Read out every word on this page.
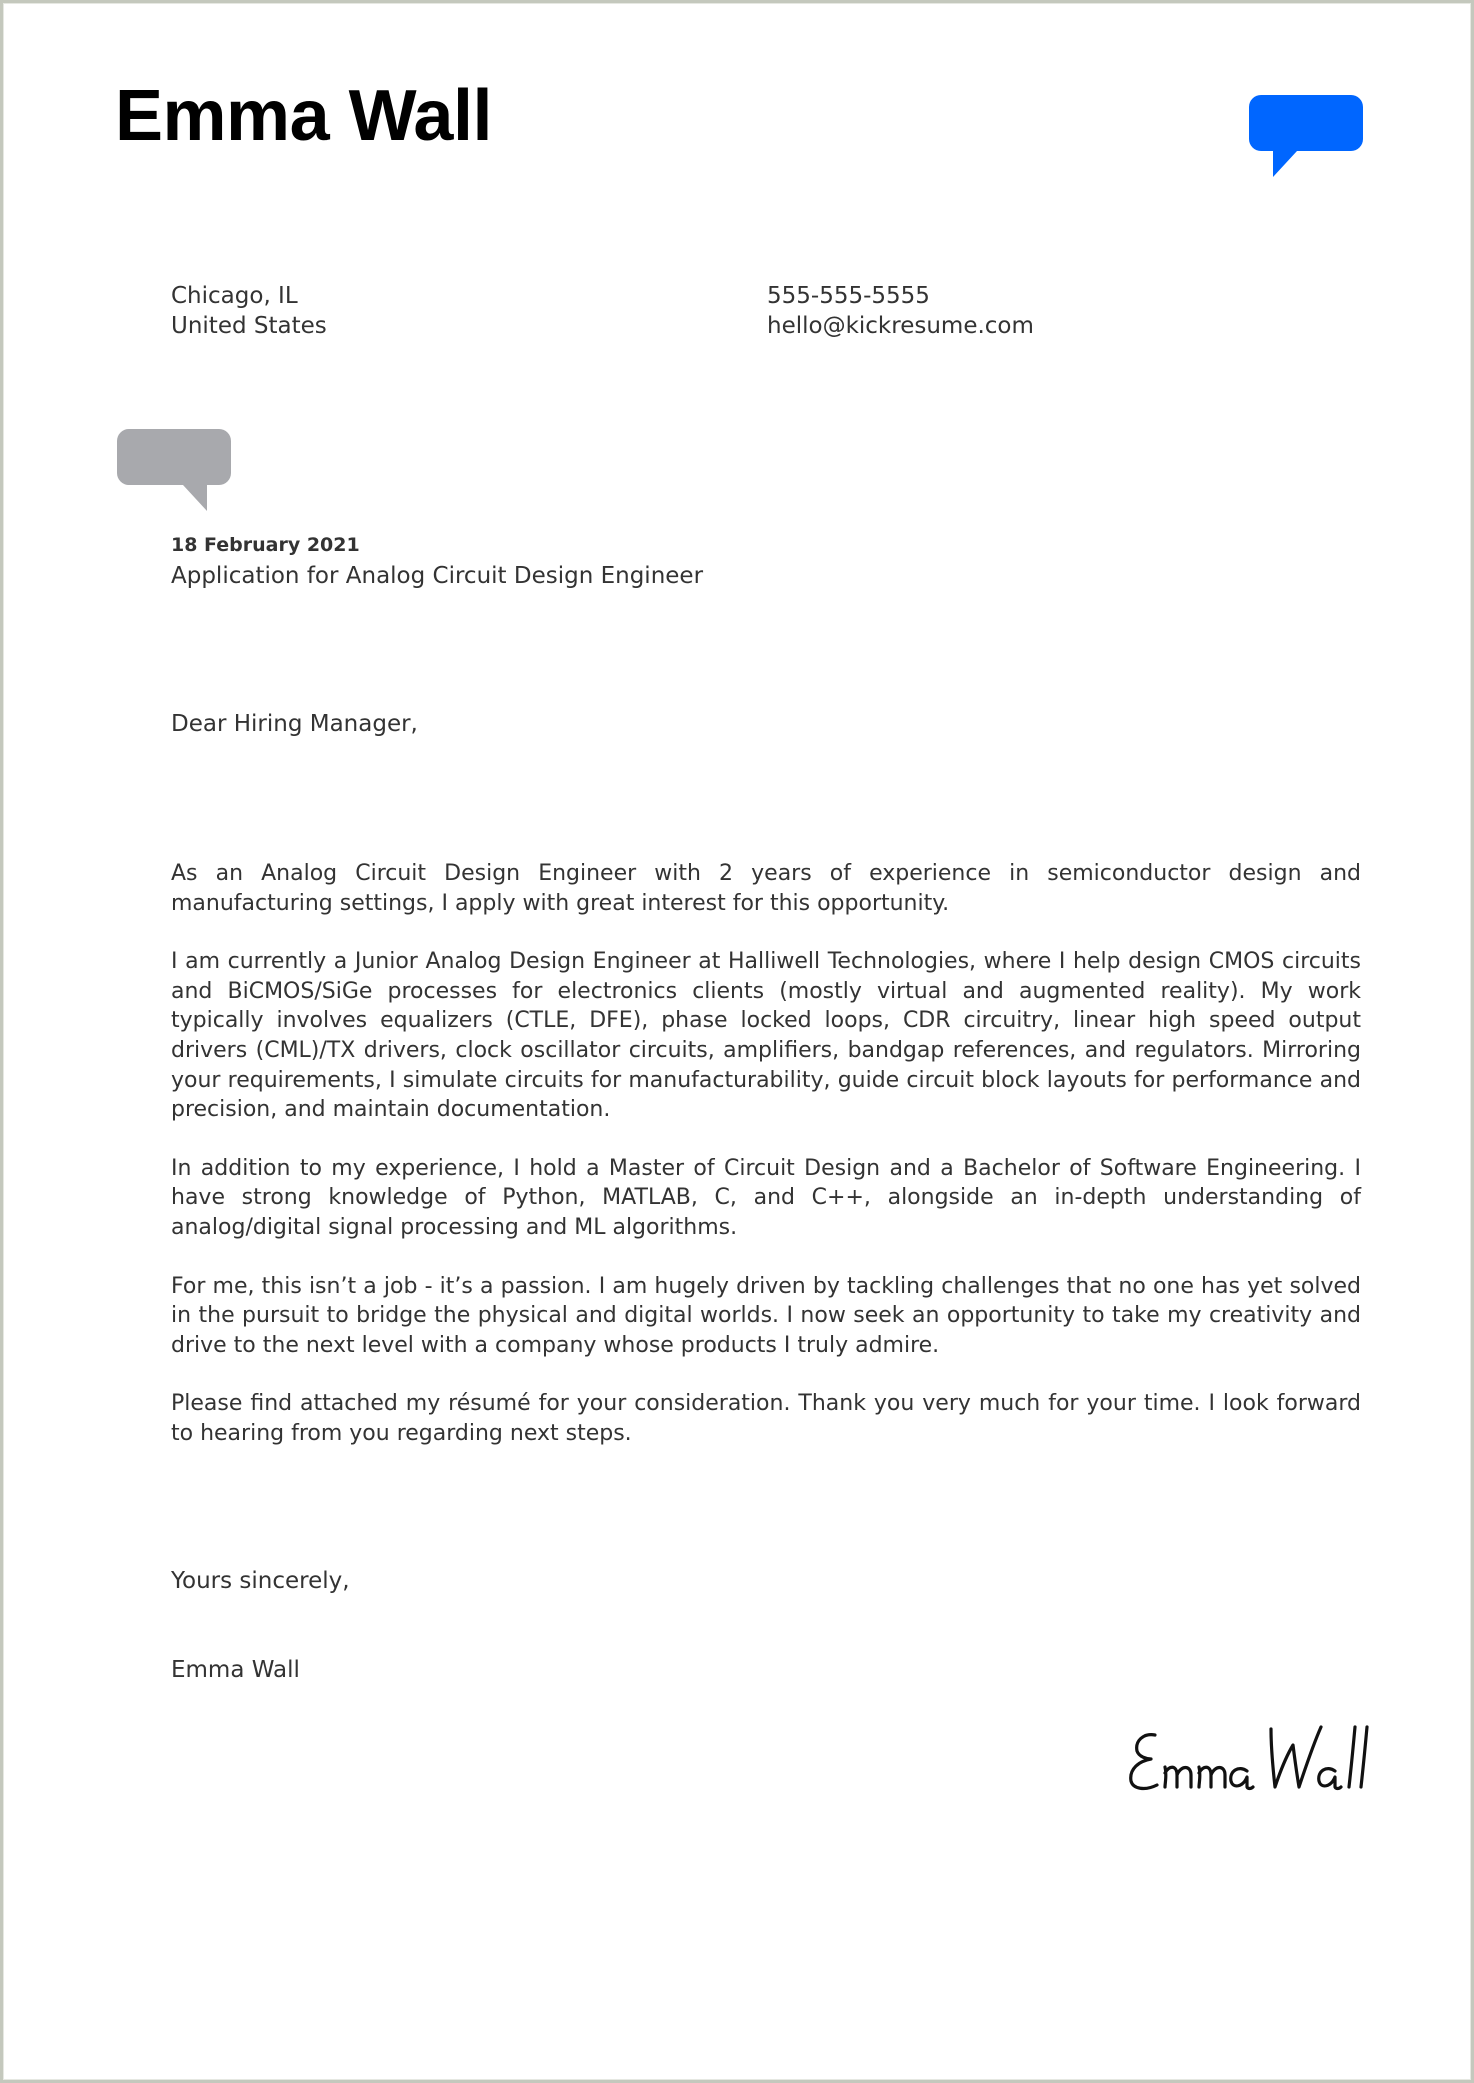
Emma Wall
Chicago, IL
United States
555-555-5555
hello@kickresume.com
18 February 2021
Application for Analog Circuit Design Engineer
Dear Hiring Manager,

As an Analog Circuit Design Engineer with 2 years of experience in semiconductor design and manufacturing settings, I apply with great interest for this opportunity.

I am currently a Junior Analog Design Engineer at Halliwell Technologies, where I help design CMOS circuits and BiCMOS/SiGe processes for electronics clients (mostly virtual and augmented reality). My work typically involves equalizers (CTLE, DFE), phase locked loops, CDR circuitry, linear high speed output drivers (CML)/TX drivers, clock oscillator circuits, amplifiers, bandgap references, and regulators. Mirroring your requirements, I simulate circuits for manufacturability, guide circuit block layouts for performance and precision, and maintain documentation.

In addition to my experience, I hold a Master of Circuit Design and a Bachelor of Software Engineering. I have strong knowledge of Python, MATLAB, C, and C++, alongside an in-depth understanding of analog/digital signal processing and ML algorithms.

For me, this isn’t a job - it’s a passion. I am hugely driven by tackling challenges that no one has yet solved in the pursuit to bridge the physical and digital worlds. I now seek an opportunity to take my creativity and drive to the next level with a company whose products I truly admire.

Please find attached my résumé for your consideration. Thank you very much for your time. I look forward to hearing from you regarding next steps.

Yours sincerely,
Emma Wall
